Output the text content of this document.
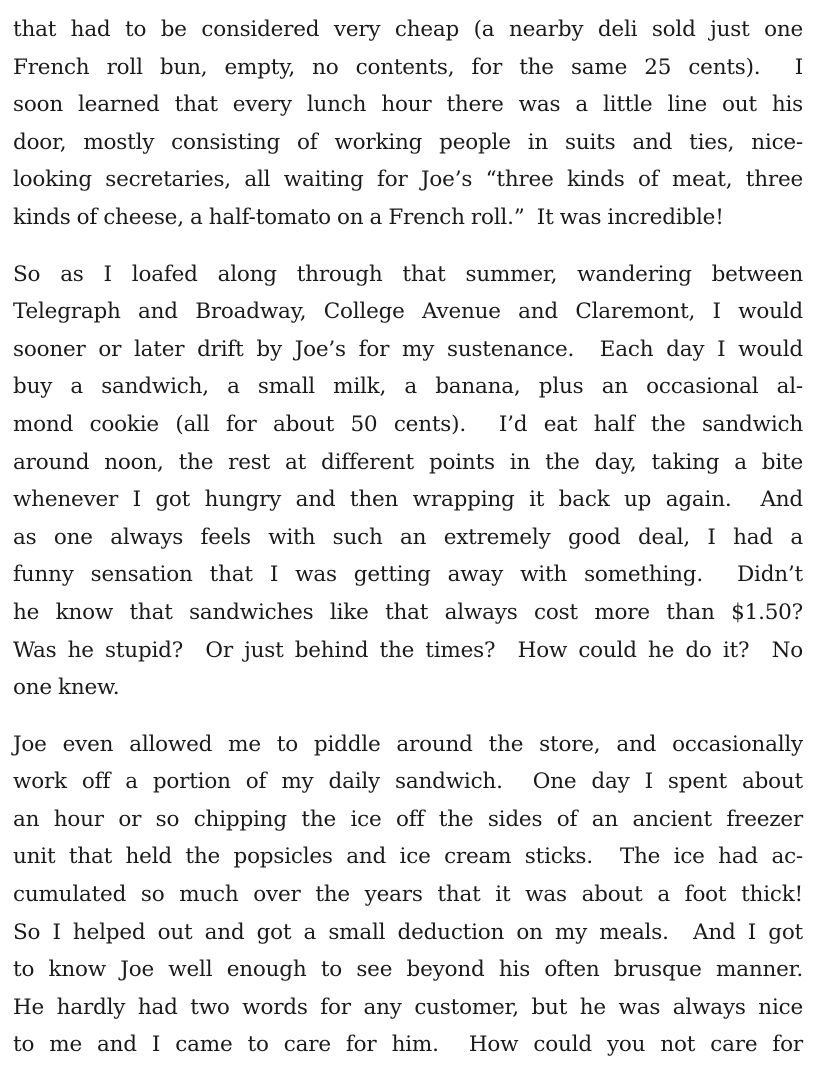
that had to be considered very cheap (a nearby deli sold just one
French roll bun, empty, no contents, for the same 25 cents).  I
soon learned that every lunch hour there was a little line out his
door, mostly consisting of working people in suits and ties, nice-
looking secretaries, all waiting for Joe’s “three kinds of meat, three
kinds of cheese, a half-tomato on a French roll.”  It was incredible!
So as I loafed along through that summer, wandering between
Telegraph and Broadway, College Avenue and Claremont, I would
sooner or later drift by Joe’s for my sustenance.  Each day I would
buy a sandwich, a small milk, a banana, plus an occasional al-
mond cookie (all for about 50 cents).  I’d eat half the sandwich
around noon, the rest at different points in the day, taking a bite
whenever I got hungry and then wrapping it back up again.  And
as one always feels with such an extremely good deal, I had a
funny sensation that I was getting away with something.  Didn’t
he know that sandwiches like that always cost more than $1.50?
Was he stupid?  Or just behind the times?  How could he do it?  No
one knew.
Joe even allowed me to piddle around the store, and occasionally
work off a portion of my daily sandwich.  One day I spent about
an hour or so chipping the ice off the sides of an ancient freezer
unit that held the popsicles and ice cream sticks.  The ice had ac-
cumulated so much over the years that it was about a foot thick!
So I helped out and got a small deduction on my meals.  And I got
to know Joe well enough to see beyond his often brusque manner.
He hardly had two words for any customer, but he was always nice
to me and I came to care for him.  How could you not care for
